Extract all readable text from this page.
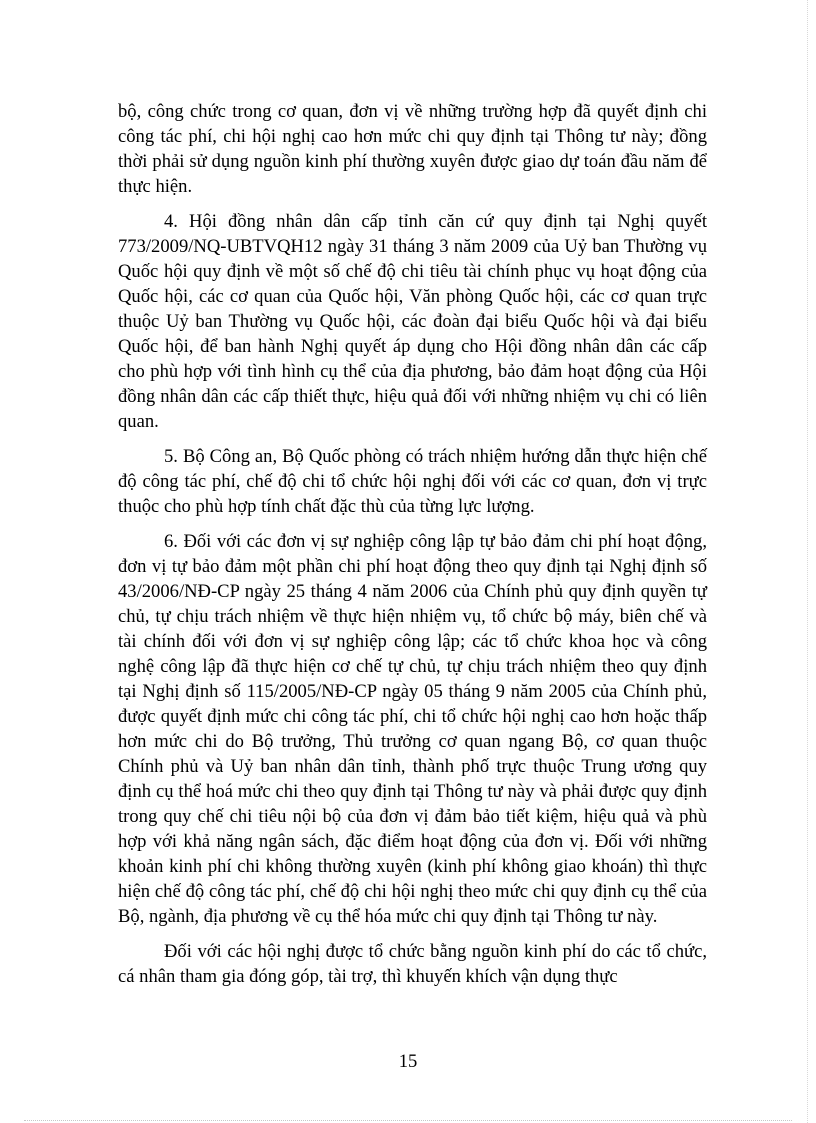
bộ, công chức trong cơ quan, đơn vị về những trường hợp đã quyết định chi công tác phí, chi hội nghị cao hơn mức chi quy định tại Thông tư này; đồng thời phải sử dụng nguồn kinh phí thường xuyên được giao dự toán đầu năm để thực hiện.

4. Hội đồng nhân dân cấp tỉnh căn cứ quy định tại Nghị quyết 773/2009/NQ-UBTVQH12 ngày 31 tháng 3 năm 2009 của Uỷ ban Thường vụ Quốc hội quy định về một số chế độ chi tiêu tài chính phục vụ hoạt động của Quốc hội, các cơ quan của Quốc hội, Văn phòng Quốc hội, các cơ quan trực thuộc Uỷ ban Thường vụ Quốc hội, các đoàn đại biểu Quốc hội và đại biểu Quốc hội, để ban hành Nghị quyết áp dụng cho Hội đồng nhân dân các cấp cho phù hợp với tình hình cụ thể của địa phương, bảo đảm hoạt động của Hội đồng nhân dân các cấp thiết thực, hiệu quả đối với những nhiệm vụ chi có liên quan.

5. Bộ Công an, Bộ Quốc phòng có trách nhiệm hướng dẫn thực hiện chế độ công tác phí, chế độ chi tổ chức hội nghị đối với các cơ quan, đơn vị trực thuộc cho phù hợp tính chất đặc thù của từng lực lượng.

6. Đối với các đơn vị sự nghiệp công lập tự bảo đảm chi phí hoạt động, đơn vị tự bảo đảm một phần chi phí hoạt động theo quy định tại Nghị định số 43/2006/NĐ-CP ngày 25 tháng 4 năm 2006 của Chính phủ quy định quyền tự chủ, tự chịu trách nhiệm về thực hiện nhiệm vụ, tổ chức bộ máy, biên chế và tài chính đối với đơn vị sự nghiệp công lập; các tổ chức khoa học và công nghệ công lập đã thực hiện cơ chế tự chủ, tự chịu trách nhiệm theo quy định tại Nghị định số 115/2005/NĐ-CP ngày 05 tháng 9 năm 2005 của Chính phủ, được quyết định mức chi công tác phí, chi tổ chức hội nghị cao hơn hoặc thấp hơn mức chi do Bộ trưởng, Thủ trưởng cơ quan ngang Bộ, cơ quan thuộc Chính phủ và Uỷ ban nhân dân tỉnh, thành phố trực thuộc Trung ương quy định cụ thể hoá mức chi theo quy định tại Thông tư này và phải được quy định trong quy chế chi tiêu nội bộ của đơn vị đảm bảo tiết kiệm, hiệu quả và phù hợp với khả năng ngân sách, đặc điểm hoạt động của đơn vị. Đối với những khoản kinh phí chi không thường xuyên (kinh phí không giao khoán) thì thực hiện chế độ công tác phí, chế độ chi hội nghị theo mức chi quy định cụ thể của Bộ, ngành, địa phương về cụ thể hóa mức chi quy định tại Thông tư này.

Đối với các hội nghị được tổ chức bằng nguồn kinh phí do các tổ chức, cá nhân tham gia đóng góp, tài trợ, thì khuyến khích vận dụng thực

15
